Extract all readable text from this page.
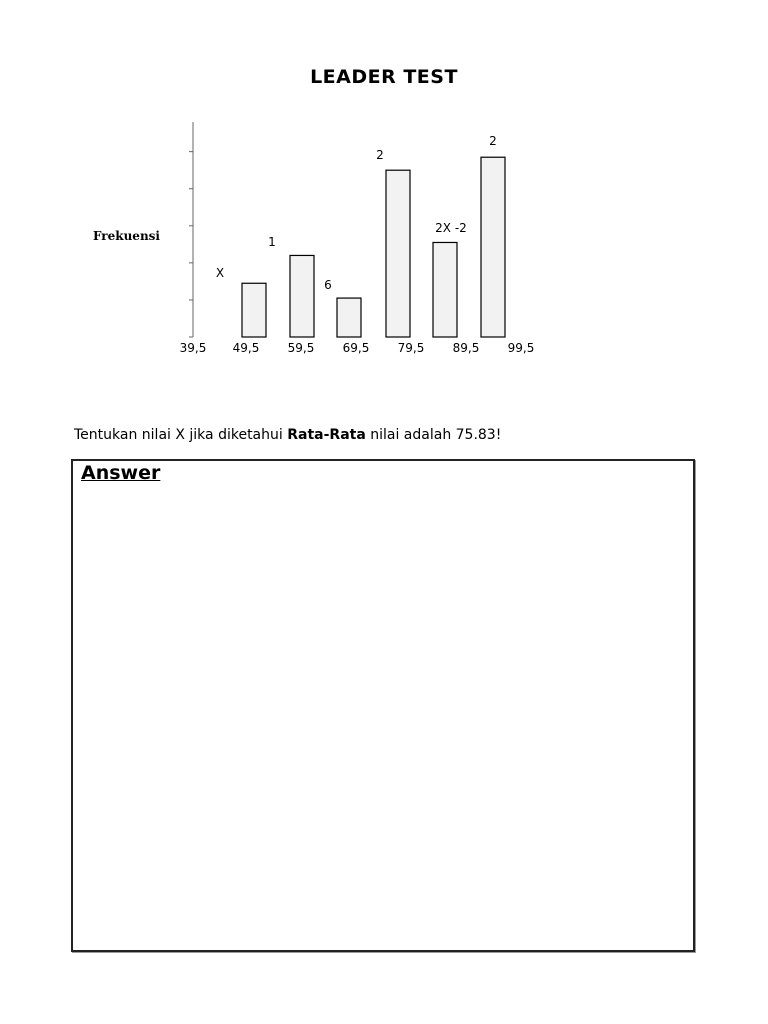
LEADER TEST
39,5 49,5 59,5 69,5 79,5 89,5 99,5
X
1
6
2
2X -2
2
Frekuensi
Tentukan nilai X jika diketahui Rata-Rata nilai adalah 75.83!
Answer
